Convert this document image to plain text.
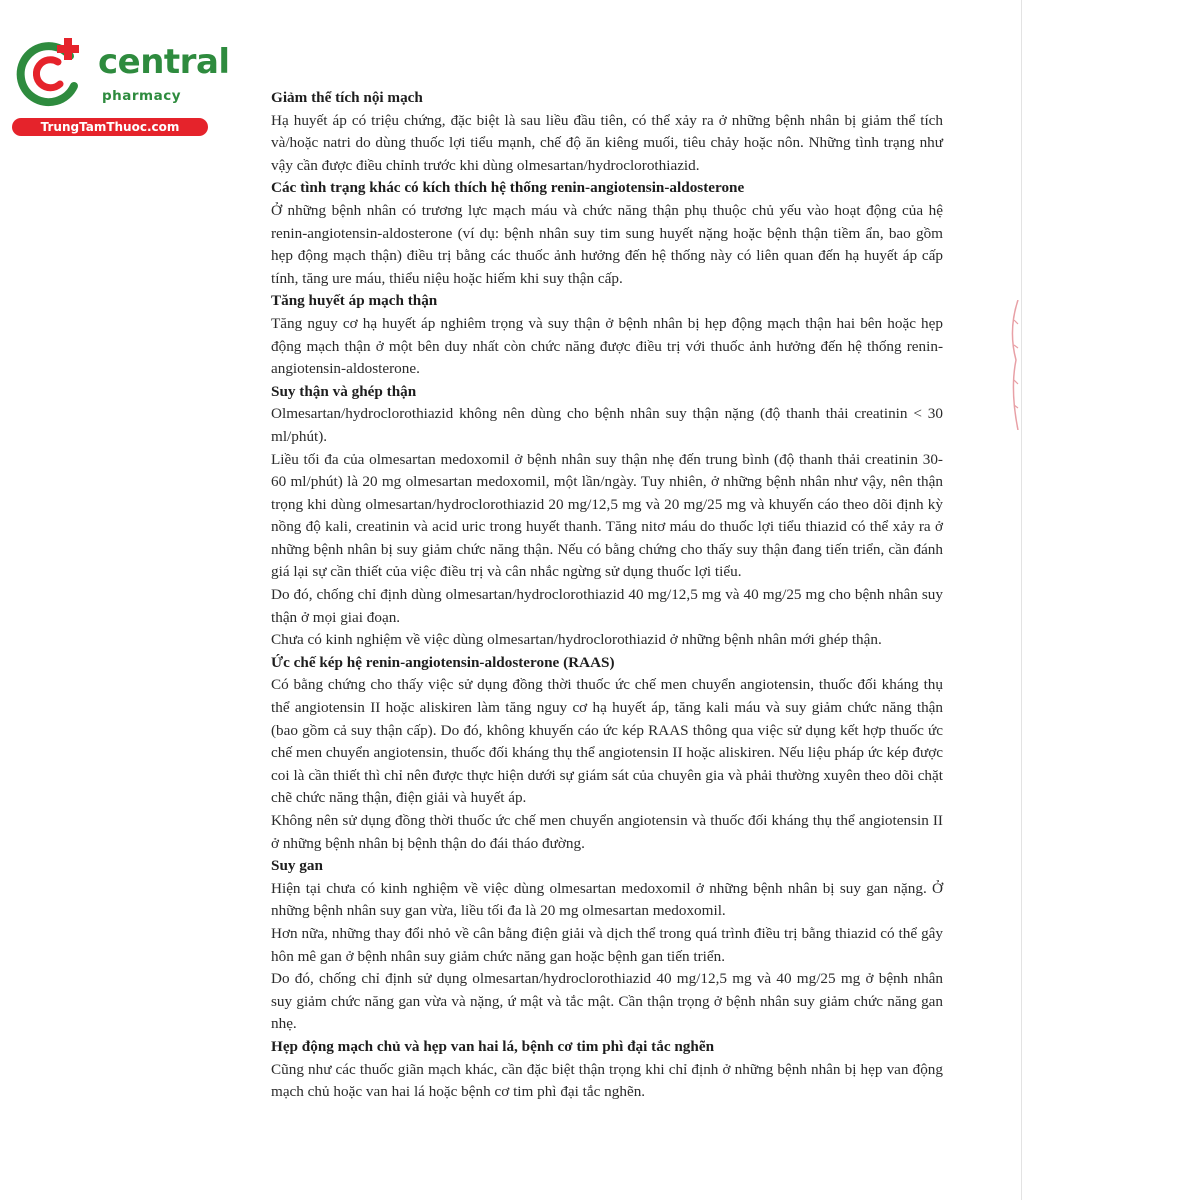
central
pharmacy
TrungTamThuoc.com
Giảm thể tích nội mạch

Hạ huyết áp có triệu chứng, đặc biệt là sau liều đầu tiên, có thể xảy ra ở những bệnh nhân bị giảm thể tích và/hoặc natri do dùng thuốc lợi tiểu mạnh, chế độ ăn kiêng muối, tiêu chảy hoặc nôn. Những tình trạng như vậy cần được điều chỉnh trước khi dùng olmesartan/hydroclorothiazid.

Các tình trạng khác có kích thích hệ thống renin-angiotensin-aldosterone

Ở những bệnh nhân có trương lực mạch máu và chức năng thận phụ thuộc chủ yếu vào hoạt động của hệ renin-angiotensin-aldosterone (ví dụ: bệnh nhân suy tim sung huyết nặng hoặc bệnh thận tiềm ẩn, bao gồm hẹp động mạch thận) điều trị bằng các thuốc ảnh hưởng đến hệ thống này có liên quan đến hạ huyết áp cấp tính, tăng ure máu, thiểu niệu hoặc hiếm khi suy thận cấp.

Tăng huyết áp mạch thận

Tăng nguy cơ hạ huyết áp nghiêm trọng và suy thận ở bệnh nhân bị hẹp động mạch thận hai bên hoặc hẹp động mạch thận ở một bên duy nhất còn chức năng được điều trị với thuốc ảnh hưởng đến hệ thống renin-angiotensin-aldosterone.

Suy thận và ghép thận

Olmesartan/hydroclorothiazid không nên dùng cho bệnh nhân suy thận nặng (độ thanh thải creatinin < 30 ml/phút).

Liều tối đa của olmesartan medoxomil ở bệnh nhân suy thận nhẹ đến trung bình (độ thanh thải creatinin 30- 60 ml/phút) là 20 mg olmesartan medoxomil, một lần/ngày. Tuy nhiên, ở những bệnh nhân như vậy, nên thận trọng khi dùng olmesartan/hydroclorothiazid 20 mg/12,5 mg và 20 mg/25 mg và khuyến cáo theo dõi định kỳ nồng độ kali, creatinin và acid uric trong huyết thanh. Tăng nitơ máu do thuốc lợi tiểu thiazid có thể xảy ra ở những bệnh nhân bị suy giảm chức năng thận. Nếu có bằng chứng cho thấy suy thận đang tiến triển, cần đánh giá lại sự cần thiết của việc điều trị và cân nhắc ngừng sử dụng thuốc lợi tiểu.

Do đó, chống chỉ định dùng olmesartan/hydroclorothiazid 40 mg/12,5 mg và 40 mg/25 mg cho bệnh nhân suy thận ở mọi giai đoạn.

Chưa có kinh nghiệm về việc dùng olmesartan/hydroclorothiazid ở những bệnh nhân mới ghép thận.

Ức chế kép hệ renin-angiotensin-aldosterone (RAAS)

Có bằng chứng cho thấy việc sử dụng đồng thời thuốc ức chế men chuyển angiotensin, thuốc đối kháng thụ thể angiotensin II hoặc aliskiren làm tăng nguy cơ hạ huyết áp, tăng kali máu và suy giảm chức năng thận (bao gồm cả suy thận cấp). Do đó, không khuyến cáo ức kép RAAS thông qua việc sử dụng kết hợp thuốc ức chế men chuyển angiotensin, thuốc đối kháng thụ thể angiotensin II hoặc aliskiren. Nếu liệu pháp ức kép được coi là cần thiết thì chỉ nên được thực hiện dưới sự giám sát của chuyên gia và phải thường xuyên theo dõi chặt chẽ chức năng thận, điện giải và huyết áp.

Không nên sử dụng đồng thời thuốc ức chế men chuyển angiotensin và thuốc đối kháng thụ thể angiotensin II ở những bệnh nhân bị bệnh thận do đái tháo đường.

Suy gan

Hiện tại chưa có kinh nghiệm về việc dùng olmesartan medoxomil ở những bệnh nhân bị suy gan nặng. Ở những bệnh nhân suy gan vừa, liều tối đa là 20 mg olmesartan medoxomil.

Hơn nữa, những thay đổi nhỏ về cân bằng điện giải và dịch thể trong quá trình điều trị bằng thiazid có thể gây hôn mê gan ở bệnh nhân suy giảm chức năng gan hoặc bệnh gan tiến triển.

Do đó, chống chỉ định sử dụng olmesartan/hydroclorothiazid 40 mg/12,5 mg và 40 mg/25 mg ở bệnh nhân suy giảm chức năng gan vừa và nặng, ứ mật và tắc mật. Cần thận trọng ở bệnh nhân suy giảm chức năng gan nhẹ.

Hẹp động mạch chủ và hẹp van hai lá, bệnh cơ tim phì đại tắc nghẽn

Cũng như các thuốc giãn mạch khác, cần đặc biệt thận trọng khi chỉ định ở những bệnh nhân bị hẹp van động mạch chủ hoặc van hai lá hoặc bệnh cơ tim phì đại tắc nghẽn.
